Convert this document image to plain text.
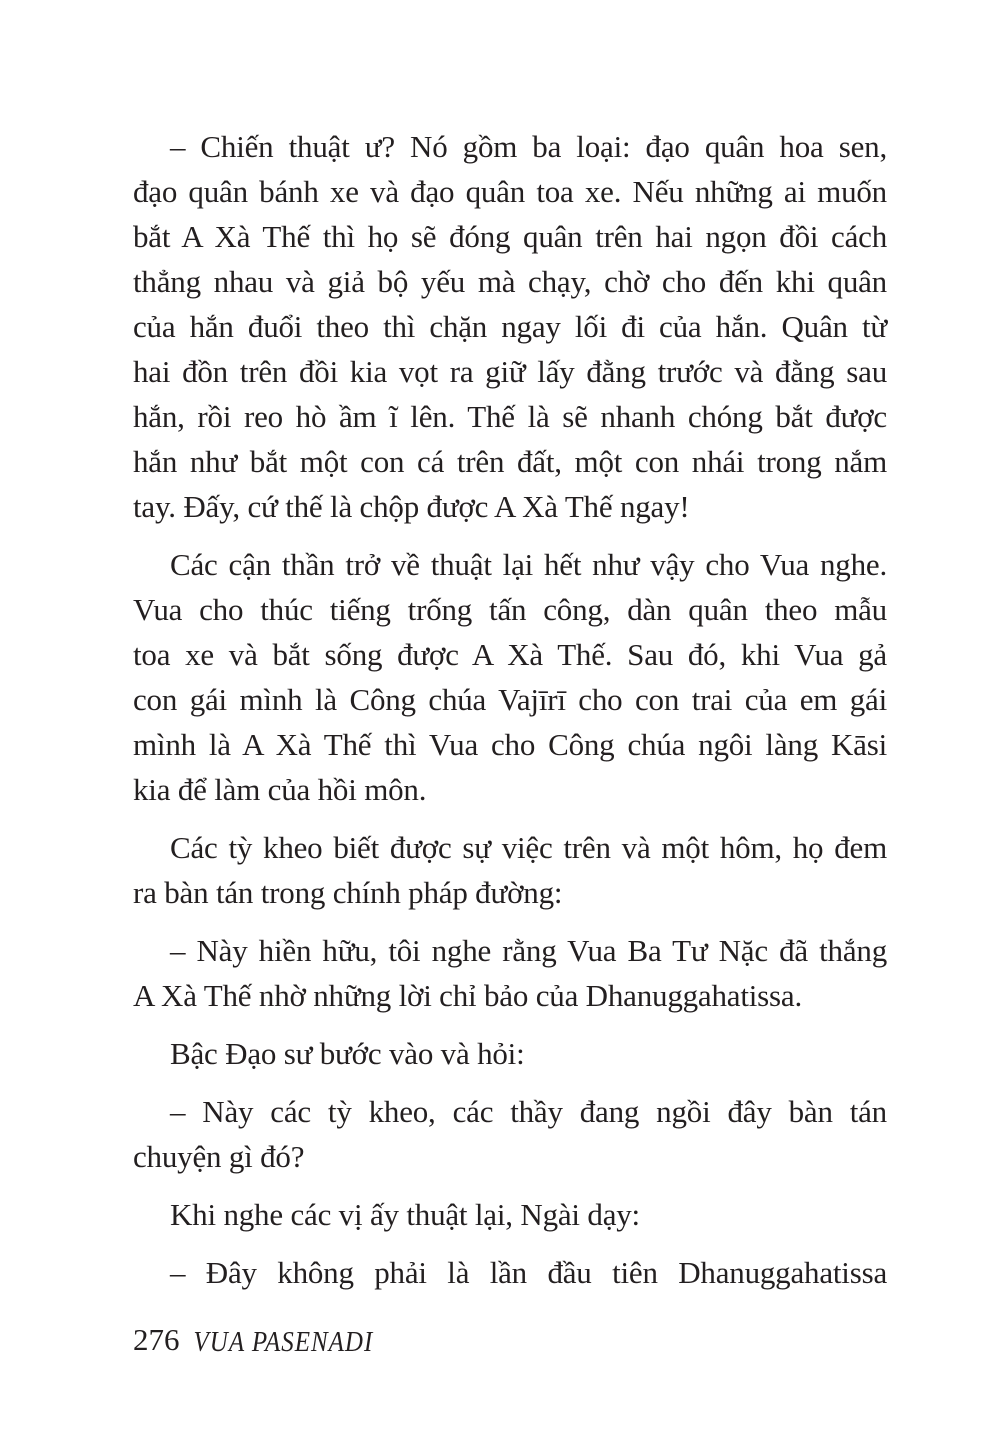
– Chiến thuật ư? Nó gồm ba loại: đạo quân hoa sen,
đạo quân bánh xe và đạo quân toa xe. Nếu những ai muốn
bắt A Xà Thế thì họ sẽ đóng quân trên hai ngọn đồi cách
thẳng nhau và giả bộ yếu mà chạy, chờ cho đến khi quân
của hắn đuổi theo thì chặn ngay lối đi của hắn. Quân từ
hai đồn trên đồi kia vọt ra giữ lấy đằng trước và đằng sau
hắn, rồi reo hò ầm ĩ lên. Thế là sẽ nhanh chóng bắt được
hắn như bắt một con cá trên đất, một con nhái trong nắm
tay. Đấy, cứ thế là chộp được A Xà Thế ngay!
Các cận thần trở về thuật lại hết như vậy cho Vua nghe.
Vua cho thúc tiếng trống tấn công, dàn quân theo mẫu
toa xe và bắt sống được A Xà Thế. Sau đó, khi Vua gả
con gái mình là Công chúa Vajīrī cho con trai của em gái
mình là A Xà Thế thì Vua cho Công chúa ngôi làng Kāsi
kia để làm của hồi môn.
Các tỳ kheo biết được sự việc trên và một hôm, họ đem
ra bàn tán trong chính pháp đường:
– Này hiền hữu, tôi nghe rằng Vua Ba Tư Nặc đã thắng
A Xà Thế nhờ những lời chỉ bảo của Dhanuggahatissa.
Bậc Đạo sư bước vào và hỏi:
– Này các tỳ kheo, các thầy đang ngồi đây bàn tán
chuyện gì đó?
Khi nghe các vị ấy thuật lại, Ngài dạy:
– Đây không phải là lần đầu tiên Dhanuggahatissa
276 VUA PASENADI
